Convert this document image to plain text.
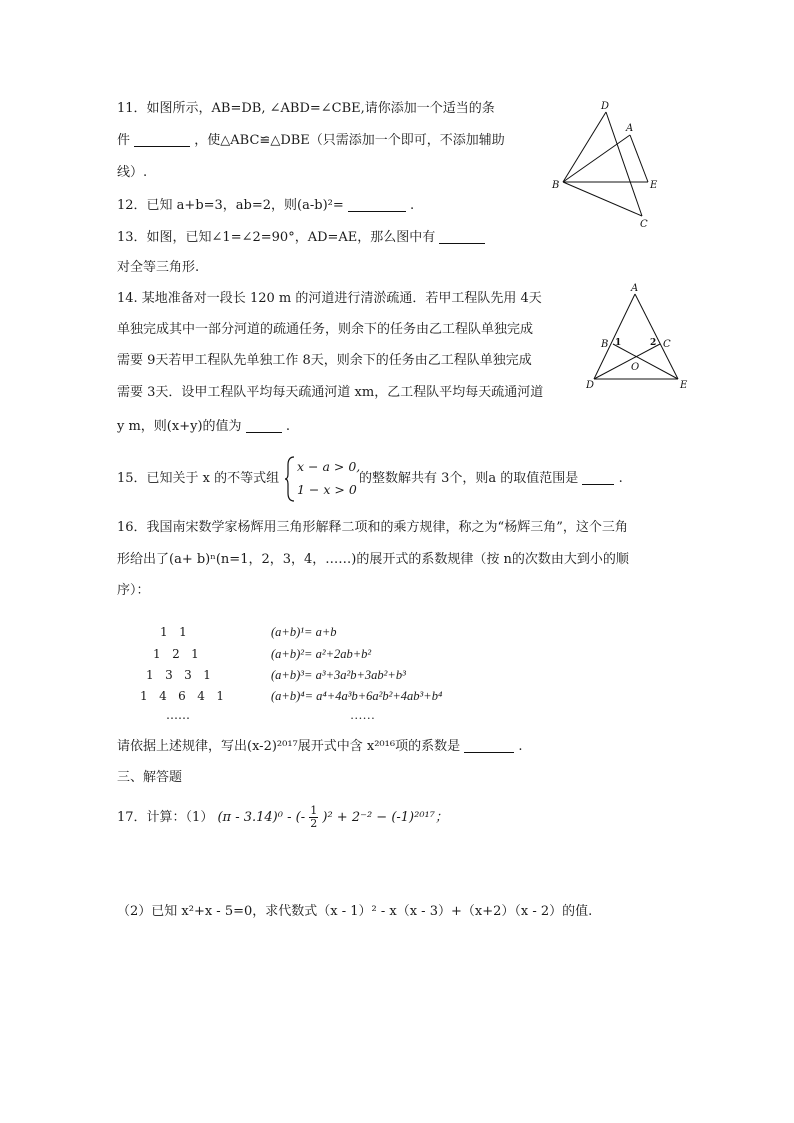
11．如图所示，AB=DB, ∠ABD=∠CBE,请你添加一个适当的条
件	，使△ABC≌△DBE（只需添加一个即可，不添加辅助
线）.
D
A
B	E
C
12．已知 a+b=3，ab=2，则(a-b)²=	.
13．如图，已知∠1=∠2=90°，AD=AE，那么图中有
对全等三角形.
A
B 1	2 C
O
D	E
14. 某地准备对一段长 120 m 的河道进行清淤疏通．若甲工程队先用 4天
单独完成其中一部分河道的疏通任务，则余下的任务由乙工程队单独完成
需要 9天若甲工程队先单独工作 8天，则余下的任务由乙工程队单独完成
需要 3天．设甲工程队平均每天疏通河道 xm，乙工程队平均每天疏通河道
y m，则(x+y)的值为	.
15．已知关于 x 的不等式组
x − a > 0,
1 − x > 0
的整数解共有 3个，则a 的取值范围是	.
16．我国南宋数学家杨辉用三角形解释二项和的乘方规律，称之为“杨辉三角”，这个三角
形给出了(a+ b)ⁿ(n=1，2，3，4，……)的展开式的系数规律（按 n的次数由大到小的顺
序）：
1   1
1   2   1
1   3   3   1
1   4   6   4   1
……
(a+b)¹= a+b
(a+b)²= a²+2ab+b²
(a+b)³= a³+3a²b+3ab²+b³
(a+b)⁴= a⁴+4a³b+6a²b²+4ab³+b⁴
……
请依据上述规律，写出(x-2)²⁰¹⁷展开式中含 x²⁰¹⁶项的系数是	.
三、解答题
17．计算：（1） (π - 3.14)⁰ - (- $\frac{1}{2} )^2 + 2^{-2} - (-1)^{2017}$；
（2）已知 x²+x - 5=0，求代数式（x - 1）² - x（x - 3）+（x+2）（x - 2）的值.
